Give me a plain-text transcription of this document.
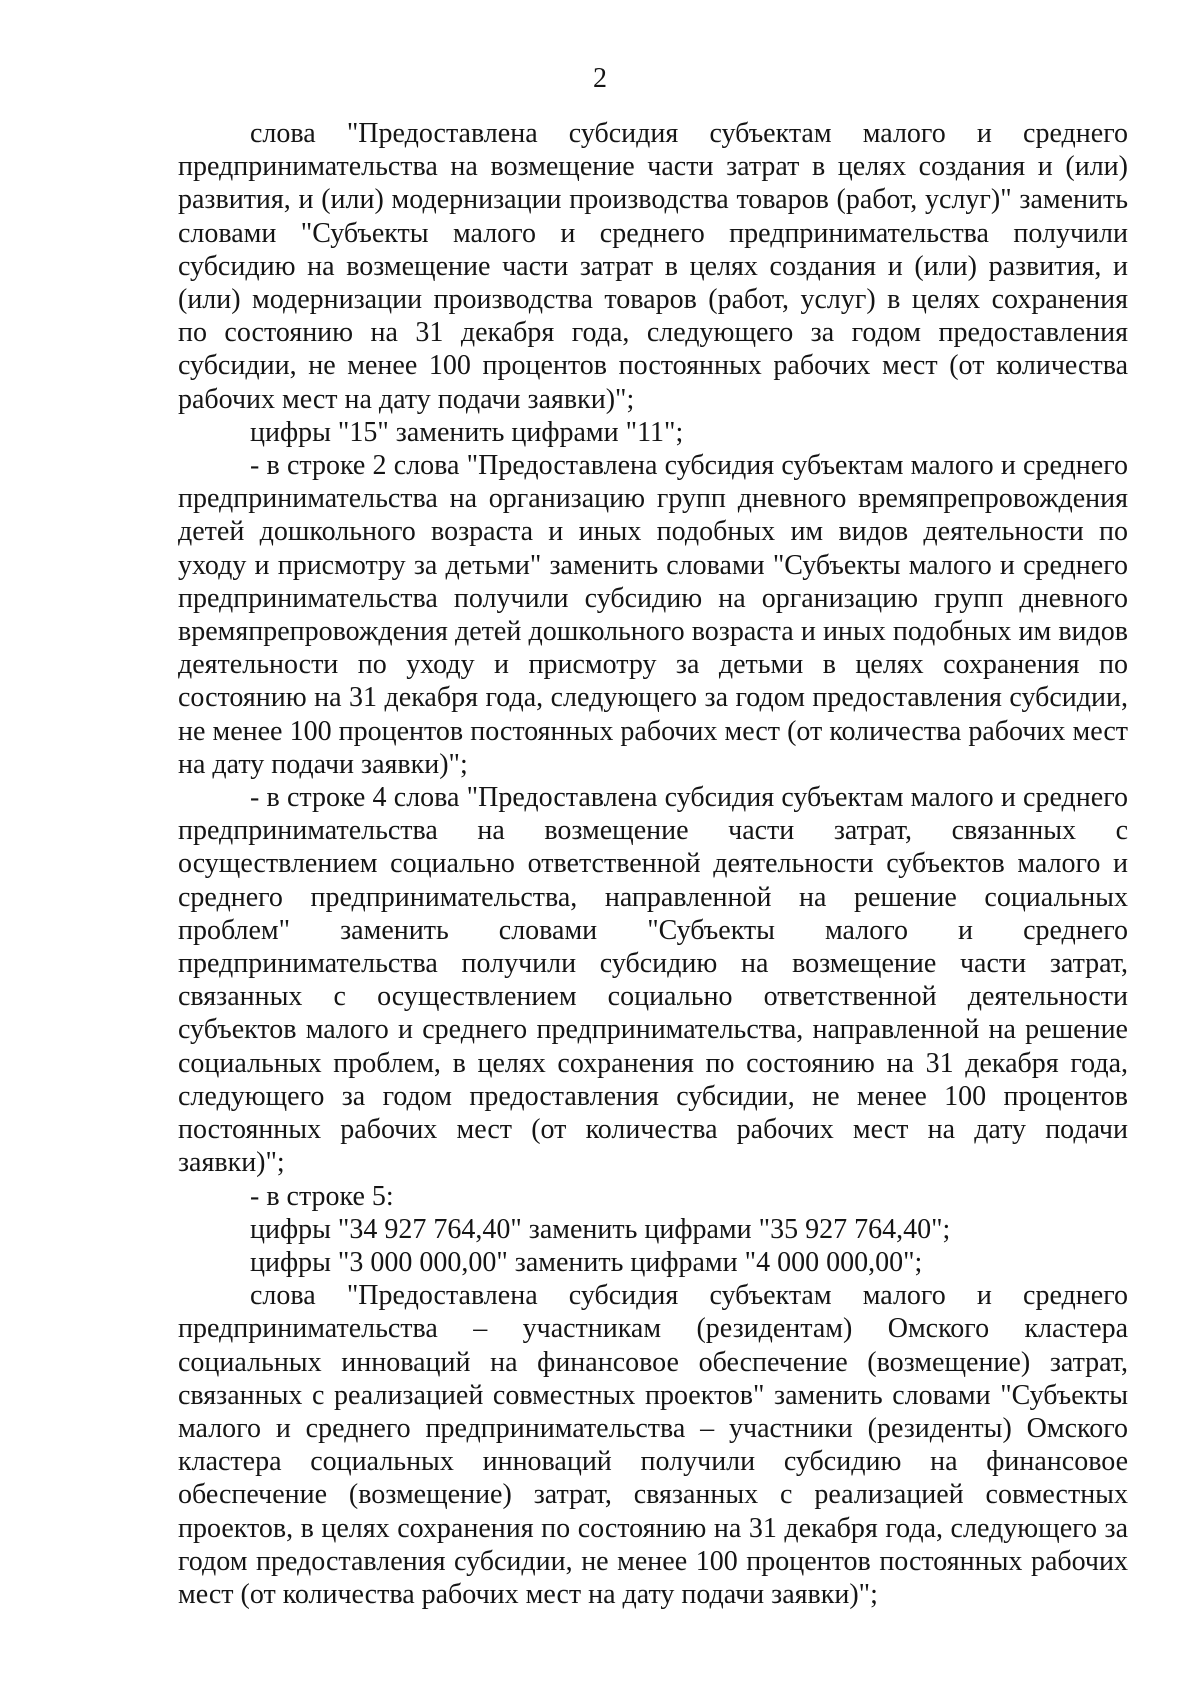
2

слова "Предоставлена субсидия субъектам малого и среднего предпринимательства на возмещение части затрат в целях создания и (или) развития, и (или) модернизации производства товаров (работ, услуг)" заменить словами "Субъекты малого и среднего предпринимательства получили субсидию на возмещение части затрат в целях создания и (или) развития, и (или) модернизации производства товаров (работ, услуг) в целях сохранения по состоянию на 31 декабря года, следующего за годом предоставления субсидии, не менее 100 процентов постоянных рабочих мест (от количества рабочих мест на дату подачи заявки)";

цифры "15" заменить цифрами "11";

- в строке 2 слова "Предоставлена субсидия субъектам малого и среднего предпринимательства на организацию групп дневного времяпрепровождения детей дошкольного возраста и иных подобных им видов деятельности по уходу и присмотру за детьми" заменить словами "Субъекты малого и среднего предпринимательства получили субсидию на организацию групп дневного времяпрепровождения детей дошкольного возраста и иных подобных им видов деятельности по уходу и присмотру за детьми в целях сохранения по состоянию на 31 декабря года, следующего за годом предоставления субсидии, не менее 100 процентов постоянных рабочих мест (от количества рабочих мест на дату подачи заявки)";

- в строке 4 слова "Предоставлена субсидия субъектам малого и среднего предпринимательства на возмещение части затрат, связанных с осуществлением социально ответственной деятельности субъектов малого и среднего предпринимательства, направленной на решение социальных проблем" заменить словами "Субъекты малого и среднего предпринимательства получили субсидию на возмещение части затрат, связанных с осуществлением социально ответственной деятельности субъектов малого и среднего предпринимательства, направленной на решение социальных проблем, в целях сохранения по состоянию на 31 декабря года, следующего за годом предоставления субсидии, не менее 100 процентов постоянных рабочих мест (от количества рабочих мест на дату подачи заявки)";

- в строке 5:

цифры "34 927 764,40" заменить цифрами "35 927 764,40";

цифры "3 000 000,00" заменить цифрами "4 000 000,00";

слова "Предоставлена субсидия субъектам малого и среднего предпринимательства – участникам (резидентам) Омского кластера социальных инноваций на финансовое обеспечение (возмещение) затрат, связанных с реализацией совместных проектов" заменить словами "Субъекты малого и среднего предпринимательства – участники (резиденты) Омского кластера социальных инноваций получили субсидию на финансовое обеспечение (возмещение) затрат, связанных с реализацией совместных проектов, в целях сохранения по состоянию на 31 декабря года, следующего за годом предоставления субсидии, не менее 100 процентов постоянных рабочих мест (от количества рабочих мест на дату подачи заявки)";
